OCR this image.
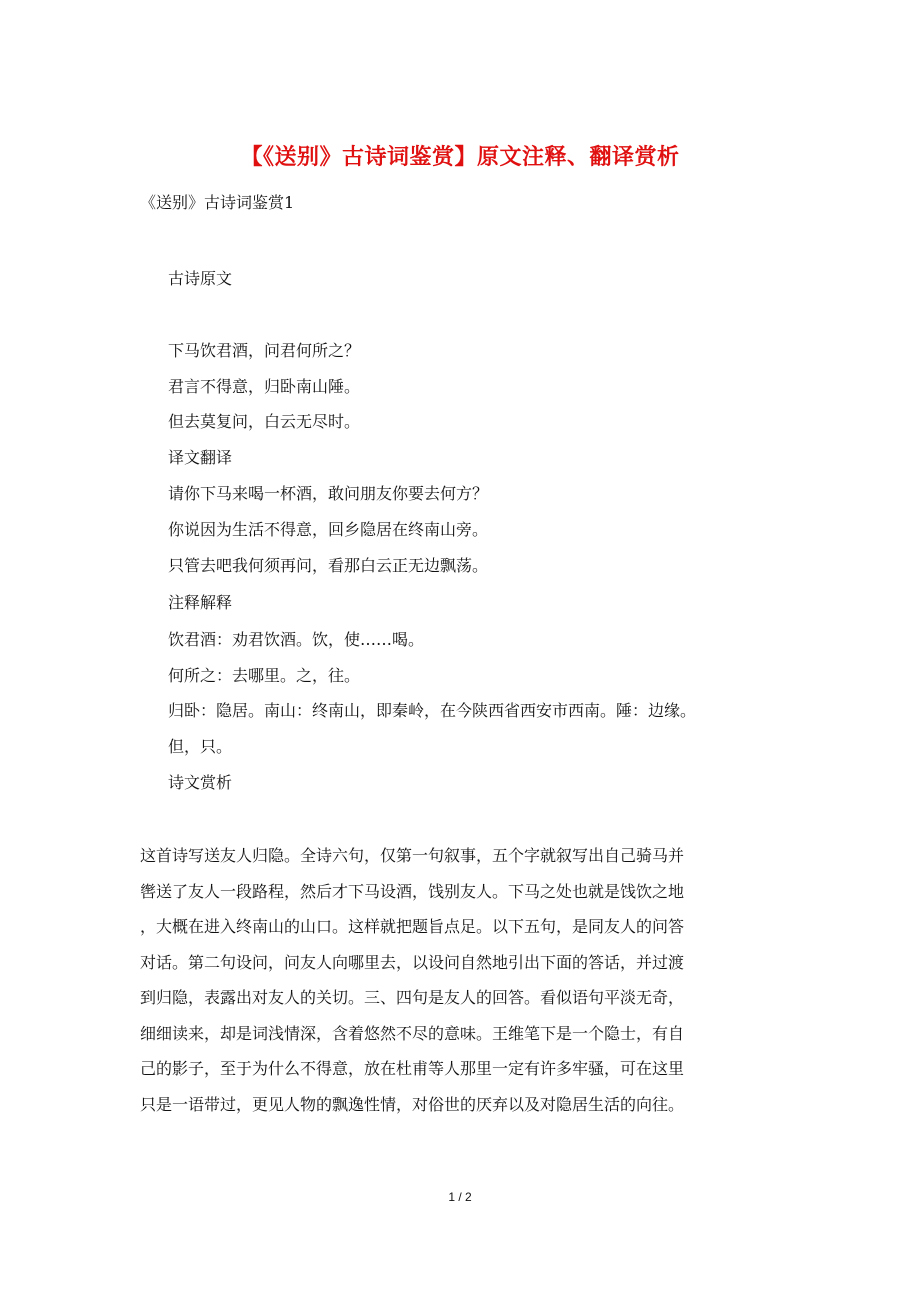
【《送别》古诗词鉴赏】原文注释、翻译赏析
《送别》古诗词鉴赏1
古诗原文
下马饮君酒，问君何所之？
君言不得意，归卧南山陲。
但去莫复问，白云无尽时。
译文翻译
请你下马来喝一杯酒，敢问朋友你要去何方？
你说因为生活不得意，回乡隐居在终南山旁。
只管去吧我何须再问，看那白云正无边飘荡。
注释解释
饮君酒：劝君饮酒。饮，使……喝。
何所之：去哪里。之，往。
归卧：隐居。南山：终南山，即秦岭，在今陕西省西安市西南。陲：边缘。
但，只。
诗文赏析
这首诗写送友人归隐。全诗六句，仅第一句叙事，五个字就叙写出自己骑马并
辔送了友人一段路程，然后才下马设酒，饯别友人。下马之处也就是饯饮之地
，大概在进入终南山的山口。这样就把题旨点足。以下五句，是同友人的问答
对话。第二句设问，问友人向哪里去，以设问自然地引出下面的答话，并过渡
到归隐，表露出对友人的关切。三、四句是友人的回答。看似语句平淡无奇，
细细读来，却是词浅情深，含着悠然不尽的意味。王维笔下是一个隐士，有自
己的影子，至于为什么不得意，放在杜甫等人那里一定有许多牢骚，可在这里
只是一语带过，更见人物的飘逸性情，对俗世的厌弃以及对隐居生活的向往。
1 / 2
